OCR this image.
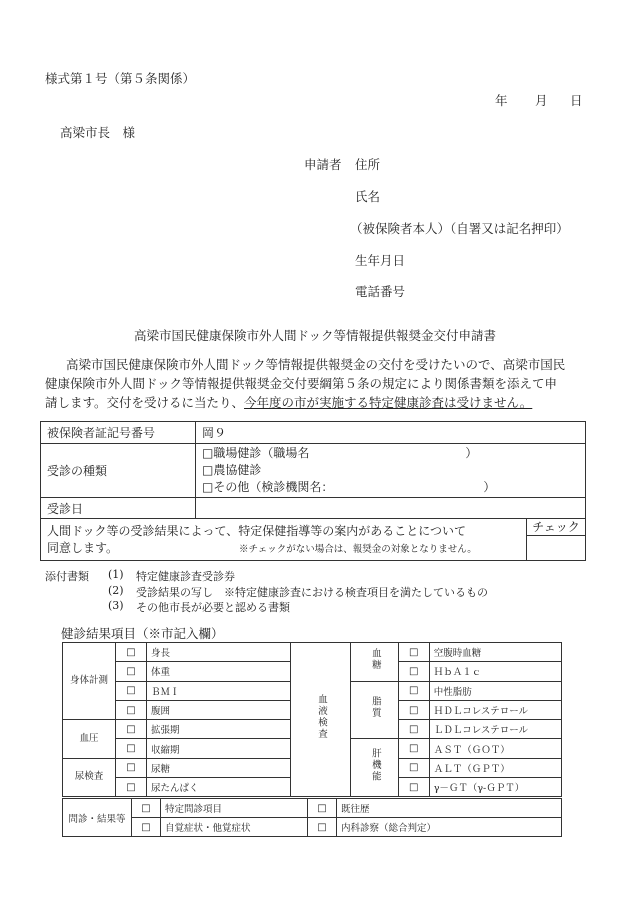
様式第１号（第５条関係）
年 月 日
高梁市長　様
申請者 住所
氏名
（被保険者本人）（自署又は記名押印）
生年月日
電話番号
高梁市国民健康保険市外人間ドック等情報提供報奨金交付申請書
高梁市国民健康保険市外人間ドック等情報提供報奨金の交付を受けたいので、高梁市国民
健康保険市外人間ドック等情報提供報奨金交付要綱第５条の規定により関係書類を添えて申
請します。交付を受けるに当たり、今年度の市が実施する特定健康診査は受けません。
被保険者証記号番号	岡９	
受診の種類	□職場健診（職場名　　　　　　　　　　　　　）
□農協健診
□その他（検診機関名：　　　　　　　　　　　　　）	

受診日		

人間ドック等の受診結果によって、特定保健指導等の案内があることについて
同意します。 ※チェックがない場合は、報奨金の対象となりません。		チェック
添付書類 (1) 特定健康診査受診券
(2) 受診結果の写し　※特定健康診査における検査項目を満たしているもの
(3) その他市長が必要と認める書類
健診結果項目（※市記入欄）
身体計測	□	身長	血液検査	血糖	□	空腹時血糖
	□	体重			□	ＨｂＡ１ｃ
	□	ＢＭＩ		脂質	□	中性脂肪
	□	腹囲			□	ＨＤＬコレステロール
血圧	□	拡張期			□	ＬＤＬコレステロール
	□	収縮期		肝機能	□	ＡＳＴ（ＧＯＴ）
尿検査	□	尿糖			□	ＡＬＴ（ＧＰＴ）
	□	尿たんぱく			□	γ－ＧＴ（γ-ＧＰＴ）
問診・結果等	□	特定問診項目	□	既往歴
	□	自覚症状・他覚症状	□	内科診察（総合判定）
